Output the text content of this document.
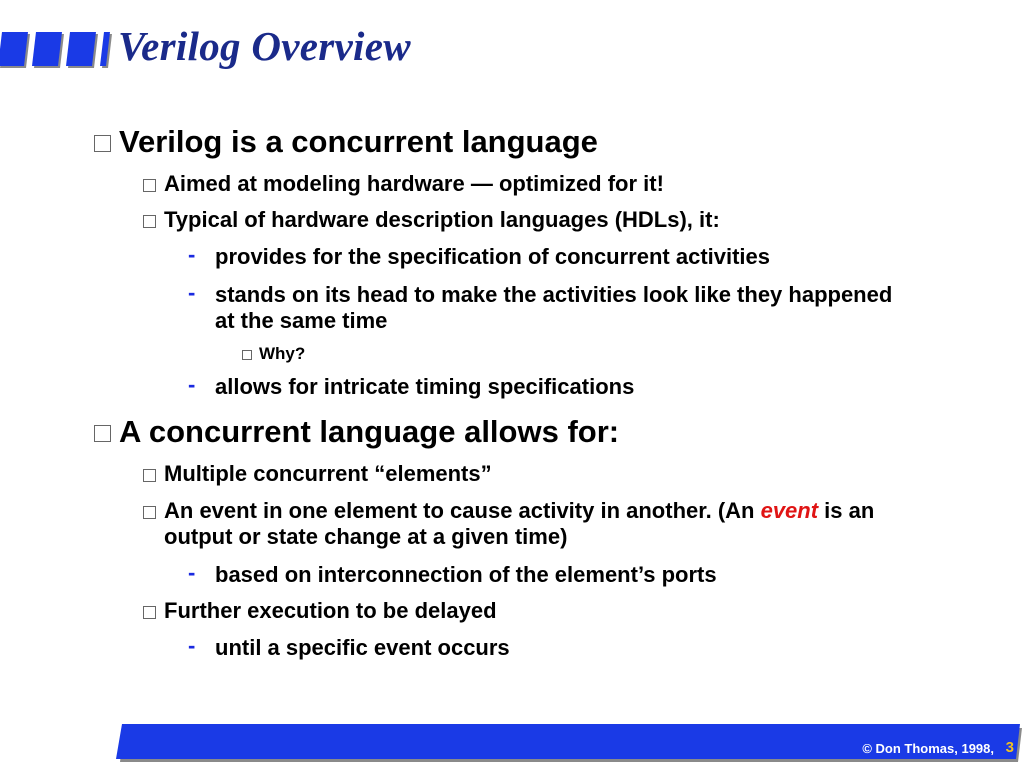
Verilog Overview
Verilog is a concurrent language
Aimed at modeling hardware — optimized for it!
Typical of hardware description languages (HDLs), it:
- provides for the specification of concurrent activities
- stands on its head to make the activities look like they happened
at the same time
Why?
- allows for intricate timing specifications
A concurrent language allows for:
Multiple concurrent “elements”
An event in one element to cause activity in another. (An event is an
output or state change at a given time)
- based on interconnection of the element’s ports
Further execution to be delayed
- until a specific event occurs
© Don Thomas, 1998, 3
